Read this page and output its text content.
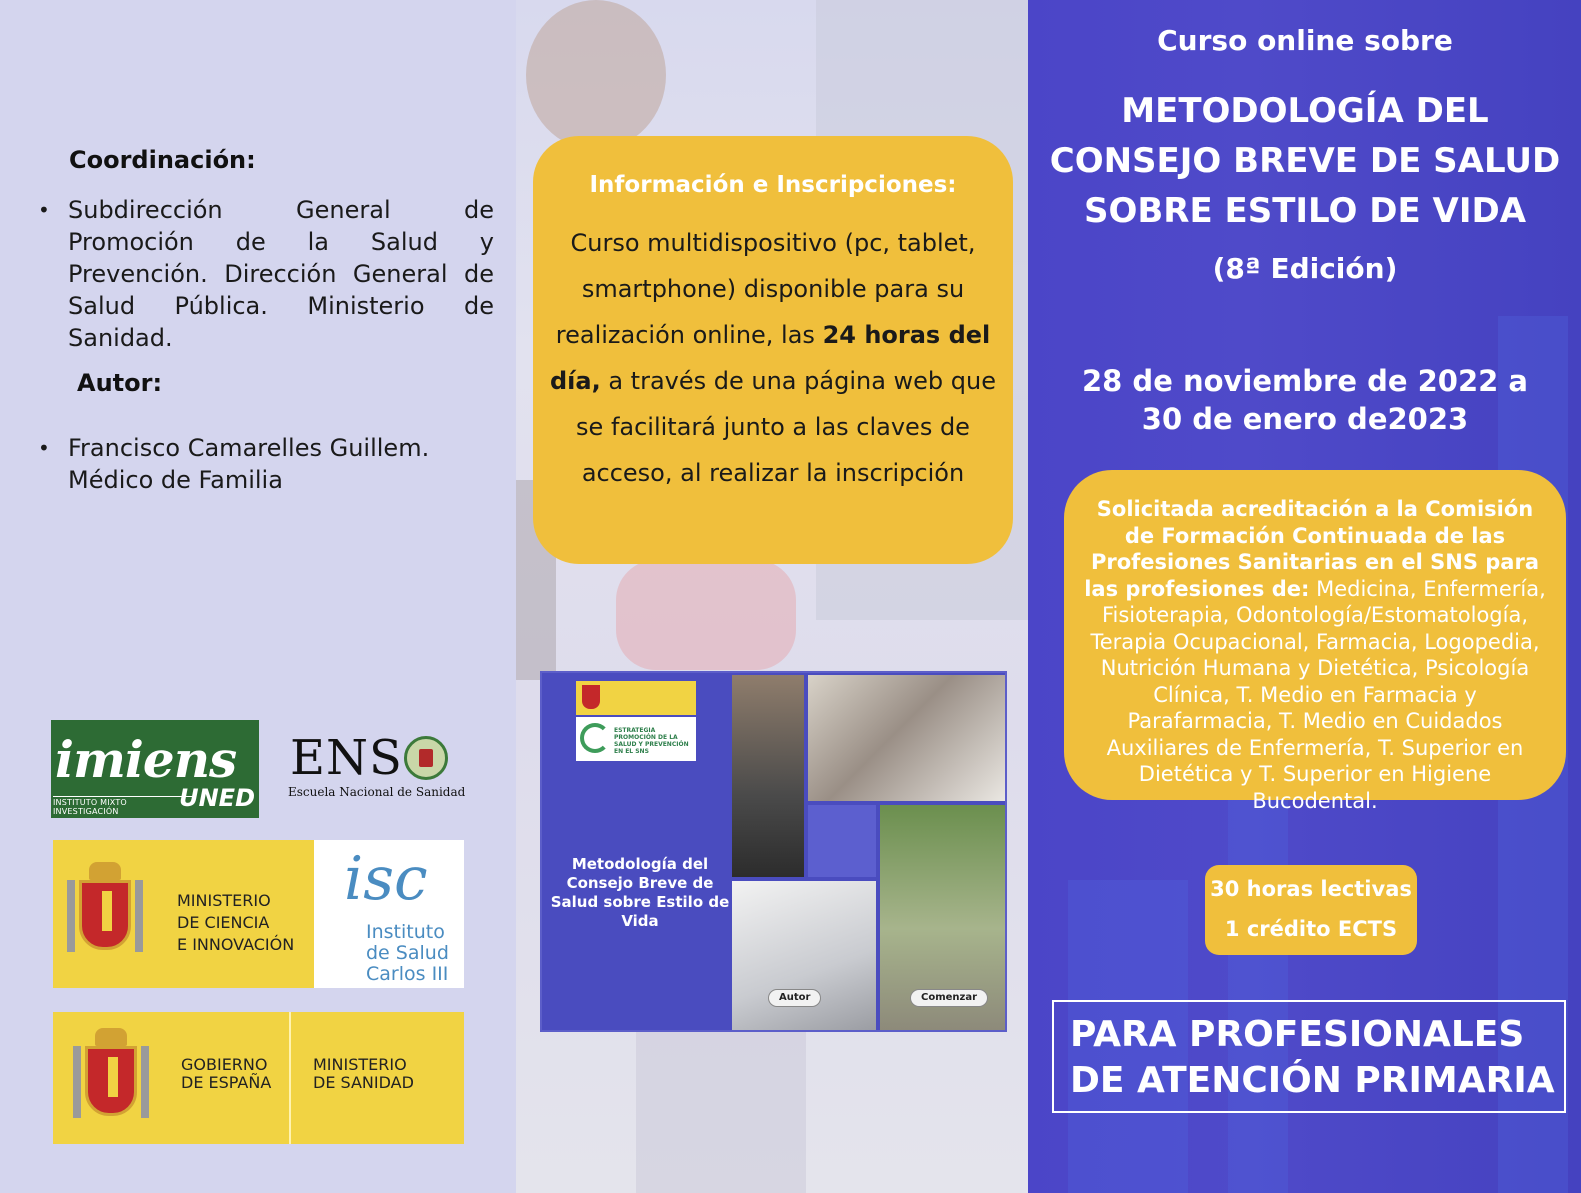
Coordinación:
• Subdirección General de Promoción de la Salud y Prevención. Dirección General de Salud Pública. Ministerio de Sanidad.
Autor:
• Francisco Camarelles Guillem.
Médico de Familia
imiens
UNED
INSTITUTO MIXTO INVESTIGACIÓN
ENS
Escuela Nacional de Sanidad
MINISTERIO
DE CIENCIA
E INNOVACIÓN
isc
Instituto
de Salud
Carlos III
GOBIERNO
DE ESPAÑA
MINISTERIO
DE SANIDAD
Información e Inscripciones:
Curso multidispositivo (pc, tablet, smartphone) disponible para su realización online, las 24 horas del día, a través de una página web que se facilitará junto a las claves de acceso, al realizar la inscripción
ESTRATEGIA PROMOCIÓN DE LA SALUD Y PREVENCIÓN EN EL SNS
Metodología del Consejo Breve de Salud sobre Estilo de Vida
Autor	Comenzar
Curso online sobre
METODOLOGÍA DEL
CONSEJO BREVE DE SALUD
SOBRE ESTILO DE VIDA
(8ª Edición)
28 de noviembre de 2022 a
30 de enero de2023
Solicitada acreditación a la Comisión de Formación Continuada de las Profesiones Sanitarias en el SNS para las profesiones de: Medicina, Enfermería, Fisioterapia, Odontología/Estomatología, Terapia Ocupacional, Farmacia, Logopedia, Nutrición Humana y Dietética, Psicología Clínica, T. Medio en Farmacia y Parafarmacia, T. Medio en Cuidados Auxiliares de Enfermería, T. Superior en Dietética y T. Superior en Higiene Bucodental.
30 horas lectivas
1 crédito ECTS
PARA PROFESIONALES
DE ATENCIÓN PRIMARIA
